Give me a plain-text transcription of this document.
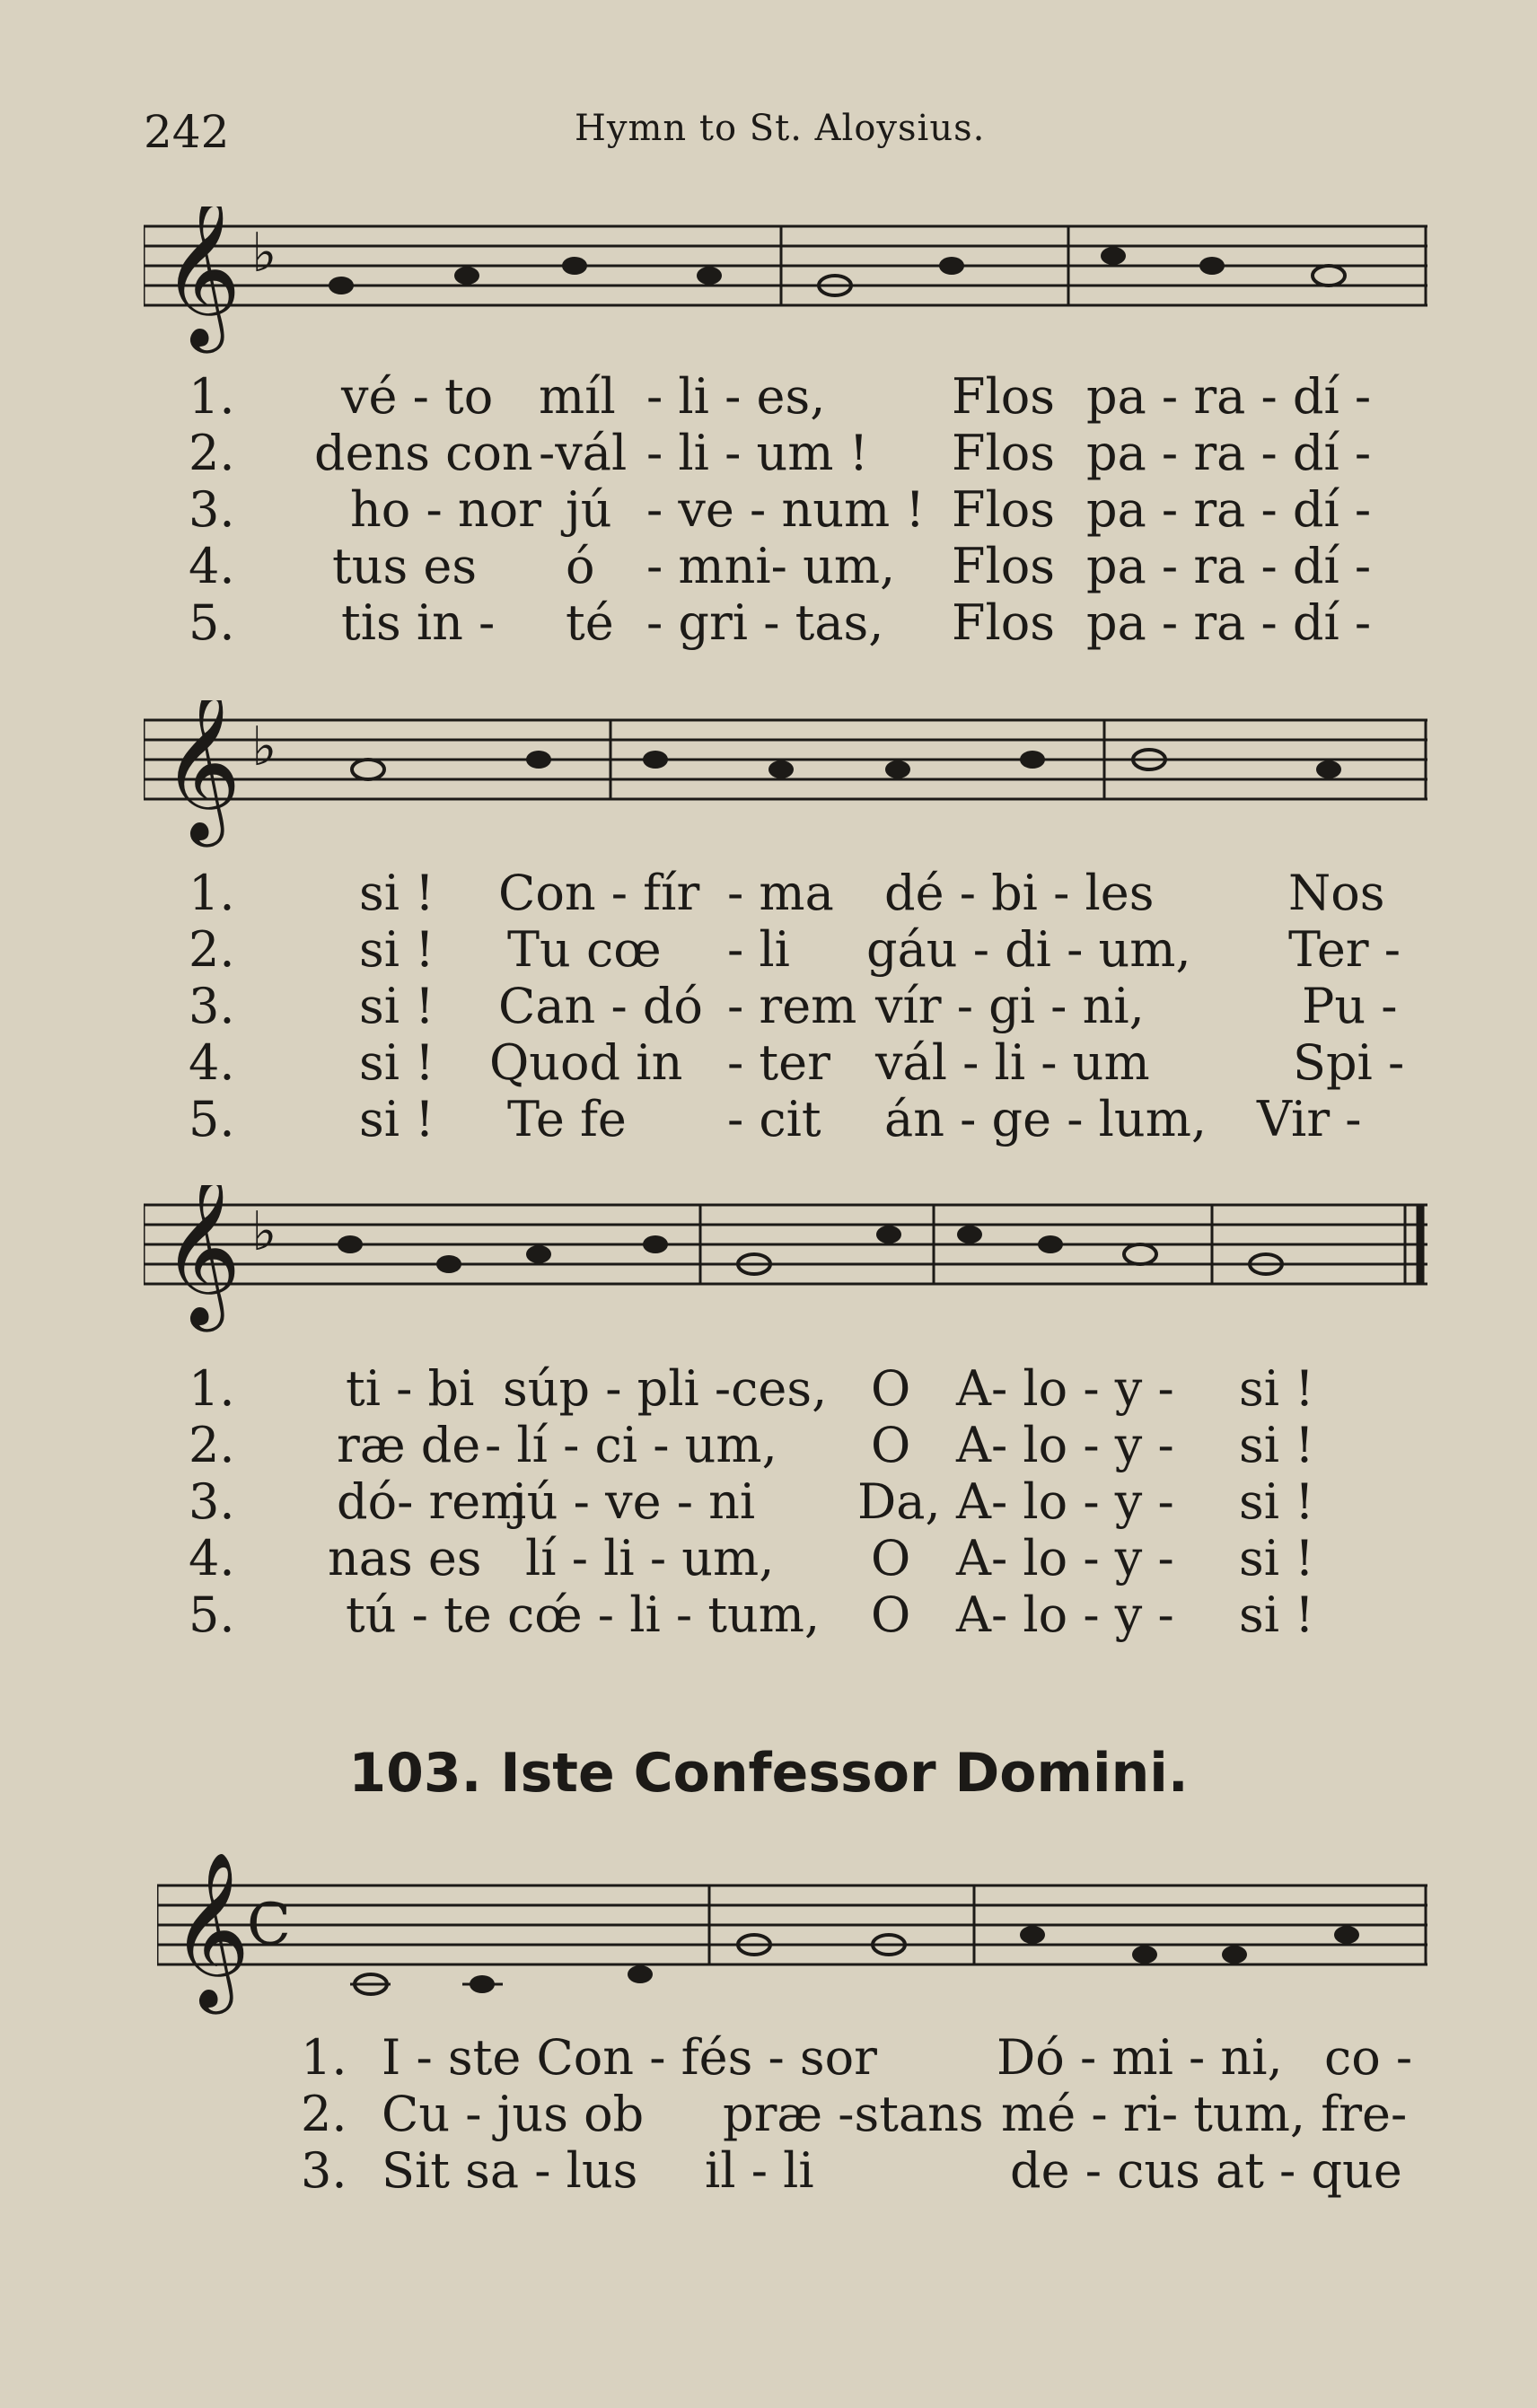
242	Hymn to St. Aloysius.
𝄞 ♭
1. vé - to míl - li - es,	Flos pa - ra - dí -
2. dens con -vál - li - um ! Flos pa - ra - dí -
3. ho - nor jú - ve - num ! Flos pa - ra - dí -
4. tus es ó - mni- um, Flos pa - ra - dí -
5. tis in - té - gri - tas, Flos pa - ra - dí -
𝄞 ♭
1.	si ! Con - fír - ma dé - bi - les	Nos
2.	si ! Tu cœ - li gáu - di - um, Ter -
3.	si ! Can - dó - rem vír - gi - ni,	Pu -
4.	si ! Quod in - ter vál - li - um	Spi -
5.	si ! Te fe - cit án - ge - lum, Vir -
𝄞 ♭
1. ti - bi súp - pli -ces, O A- lo - y - si !
2. ræ de - lí - ci - um, O A- lo - y - si !
3. dó- rem
jú - ve - ni Da, A- lo - y - si !
4. nas es lí - li - um, O A- lo - y - si !
5. tú - te cœ́ - li - tum, O A- lo - y - si !
103. Iste Confessor Domini.
𝄞
C
1. I - ste Con - fés - sor Dó - mi - ni, co -
2. Cu - jus ob præ -stans mé - ri- tum, fre-
3. Sit sa - lus il - li	de - cus at - que
